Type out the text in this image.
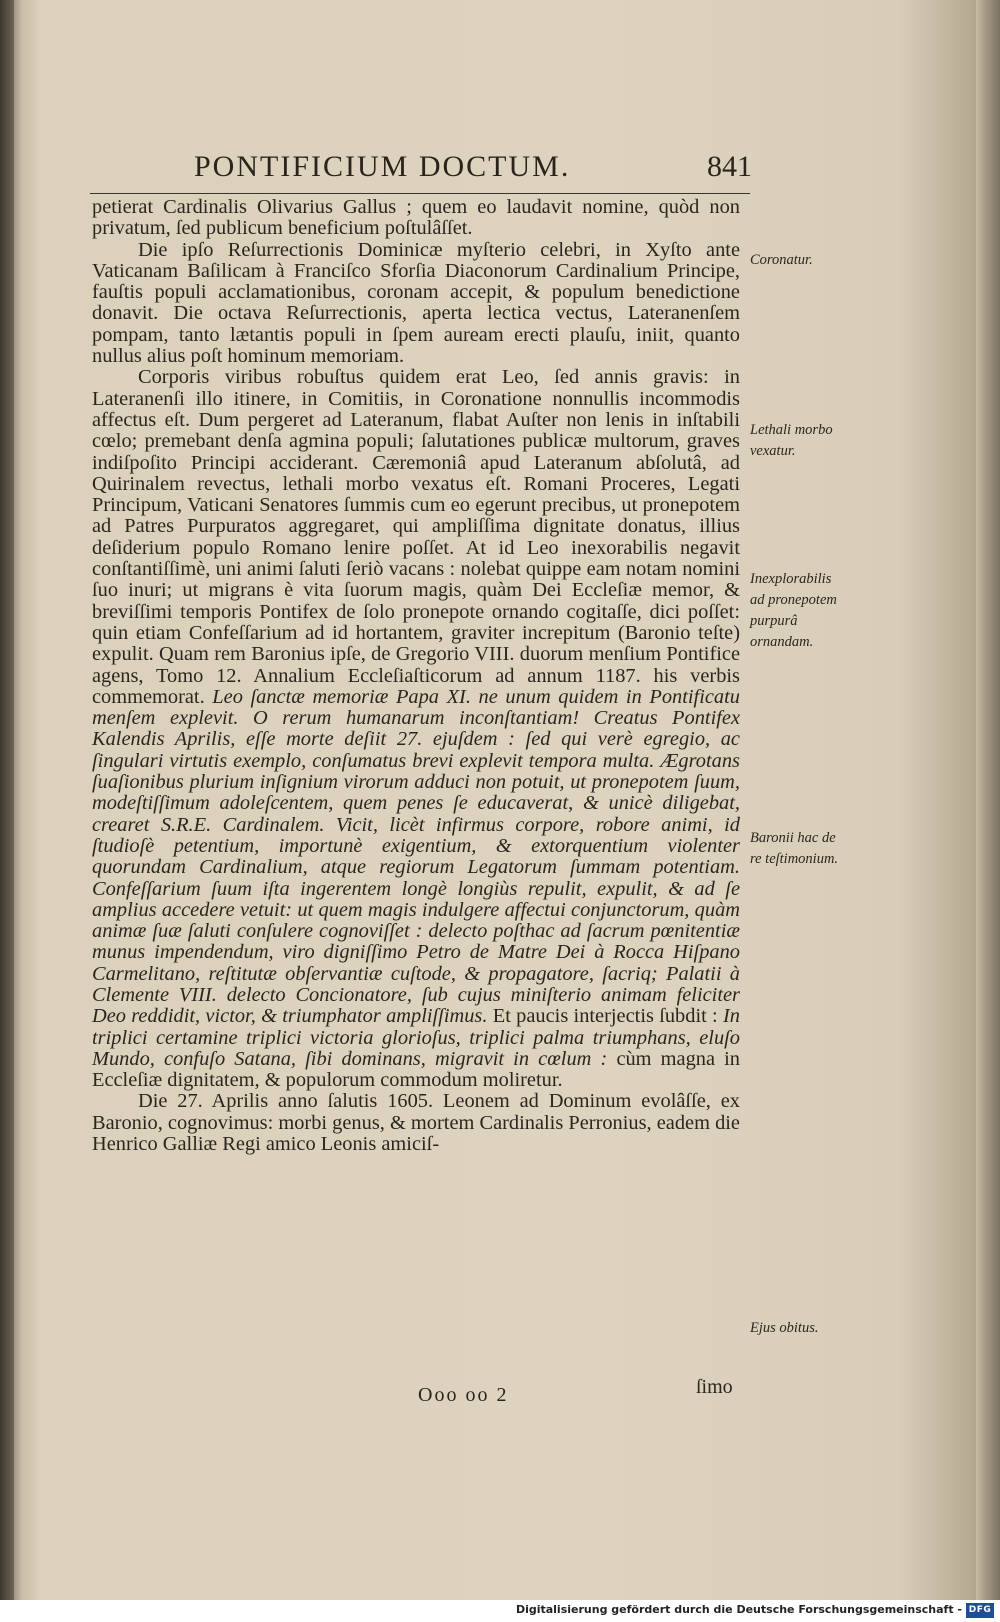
PONTIFICIUM DOCTUM.	841

petierat Cardinalis Olivarius Gallus ; quem eo laudavit nomine, quòd non privatum, ſed publicum beneficium poſtulâſſet.

Die ipſo Reſurrectionis Dominicæ myſterio celebri, in Xyſto ante Vaticanam Baſilicam à Franciſco Sforſia Diaconorum Cardinalium Principe, fauſtis populi acclamationibus, coronam accepit, & populum benedictione donavit. Die octava Reſurrectionis, aperta lectica vectus, Lateranenſem pompam, tanto lætantis populi in ſpem auream erecti plauſu, iniit, quanto nullus alius poſt hominum memoriam.

Corporis viribus robuſtus quidem erat Leo, ſed annis gravis: in Lateranenſi illo itinere, in Comitiis, in Coronatione nonnullis incommodis affectus eſt. Dum pergeret ad Lateranum, flabat Auſter non lenis in inſtabili cœlo; premebant denſa agmina populi; ſalutationes publicæ multorum, graves indiſpoſito Principi acciderant. Cæremoniâ apud Lateranum abſolutâ, ad Quirinalem revectus, lethali morbo vexatus eſt. Romani Proceres, Legati Principum, Vaticani Senatores ſummis cum eo egerunt precibus, ut pronepotem ad Patres Purpuratos aggregaret, qui ampliſſima dignitate donatus, illius deſiderium populo Romano lenire poſſet. At id Leo inexorabilis negavit conſtantiſſimè, uni animi ſaluti ſeriò vacans : nolebat quippe eam notam nomini ſuo inuri; ut migrans è vita ſuorum magis, quàm Dei Eccleſiæ memor, & breviſſimi temporis Pontifex de ſolo pronepote ornando cogitaſſe, dici poſſet: quin etiam Confeſſarium ad id hortantem, graviter increpitum (Baronio teſte) expulit. Quam rem Baronius ipſe, de Gregorio VIII. duorum menſium Pontifice agens, Tomo 12. Annalium Eccleſiaſticorum ad annum 1187. his verbis commemorat. Leo ſanctæ memoriæ Papa XI. ne unum quidem in Pontificatu menſem explevit. O rerum humanarum inconſtantiam! Creatus Pontifex Kalendis Aprilis, eſſe morte deſiit 27. ejuſdem : ſed qui verè egregio, ac ſingulari virtutis exemplo, conſumatus brevi explevit tempora multa. Ægrotans ſuaſionibus plurium inſignium virorum adduci non potuit, ut pronepotem ſuum, modeſtiſſimum adoleſcentem, quem penes ſe educaverat, & unicè diligebat, crearet S.R.E. Cardinalem. Vicit, licèt infirmus corpore, robore animi, id ſtudioſè petentium, importunè exigentium, & extorquentium violenter quorundam Cardinalium, atque regiorum Legatorum ſummam potentiam. Confeſſarium ſuum iſta ingerentem longè longiùs repulit, expulit, & ad ſe amplius accedere vetuit: ut quem magis indulgere affectui conjunctorum, quàm animæ ſuæ ſaluti conſulere cognoviſſet : delecto poſthac ad ſacrum pœnitentiæ munus impendendum, viro digniſſimo Petro de Matre Dei à Rocca Hiſpano Carmelitano, reſtitutæ obſervantiæ cuſtode, & propagatore, ſacriq; Palatii à Clemente VIII. delecto Concionatore, ſub cujus miniſterio animam feliciter Deo reddidit, victor, & triumphator ampliſſimus. Et paucis interjectis ſubdit : In triplici certamine triplici victoria glorioſus, triplici palma triumphans, eluſo Mundo, confuſo Satana, ſibi dominans, migravit in cœlum : cùm magna in Eccleſiæ dignitatem, & populorum commodum moliretur.

Die 27. Aprilis anno ſalutis 1605. Leonem ad Dominum evolâſſe, ex Baronio, cognovimus: morbi genus, & mortem Cardinalis Perronius, eadem die Henrico Galliæ Regi amico Leonis amiciſ-

Coronatur.
Lethali morbo vexatur.
Inexplorabilis ad pronepotem purpurâ ornandam.
Baronii hac de re teſtimonium.
Ejus obitus.
Ooo oo 2	ſimo
Digitalisierung gefördert durch die Deutsche Forschungsgemeinschaft - DFG
